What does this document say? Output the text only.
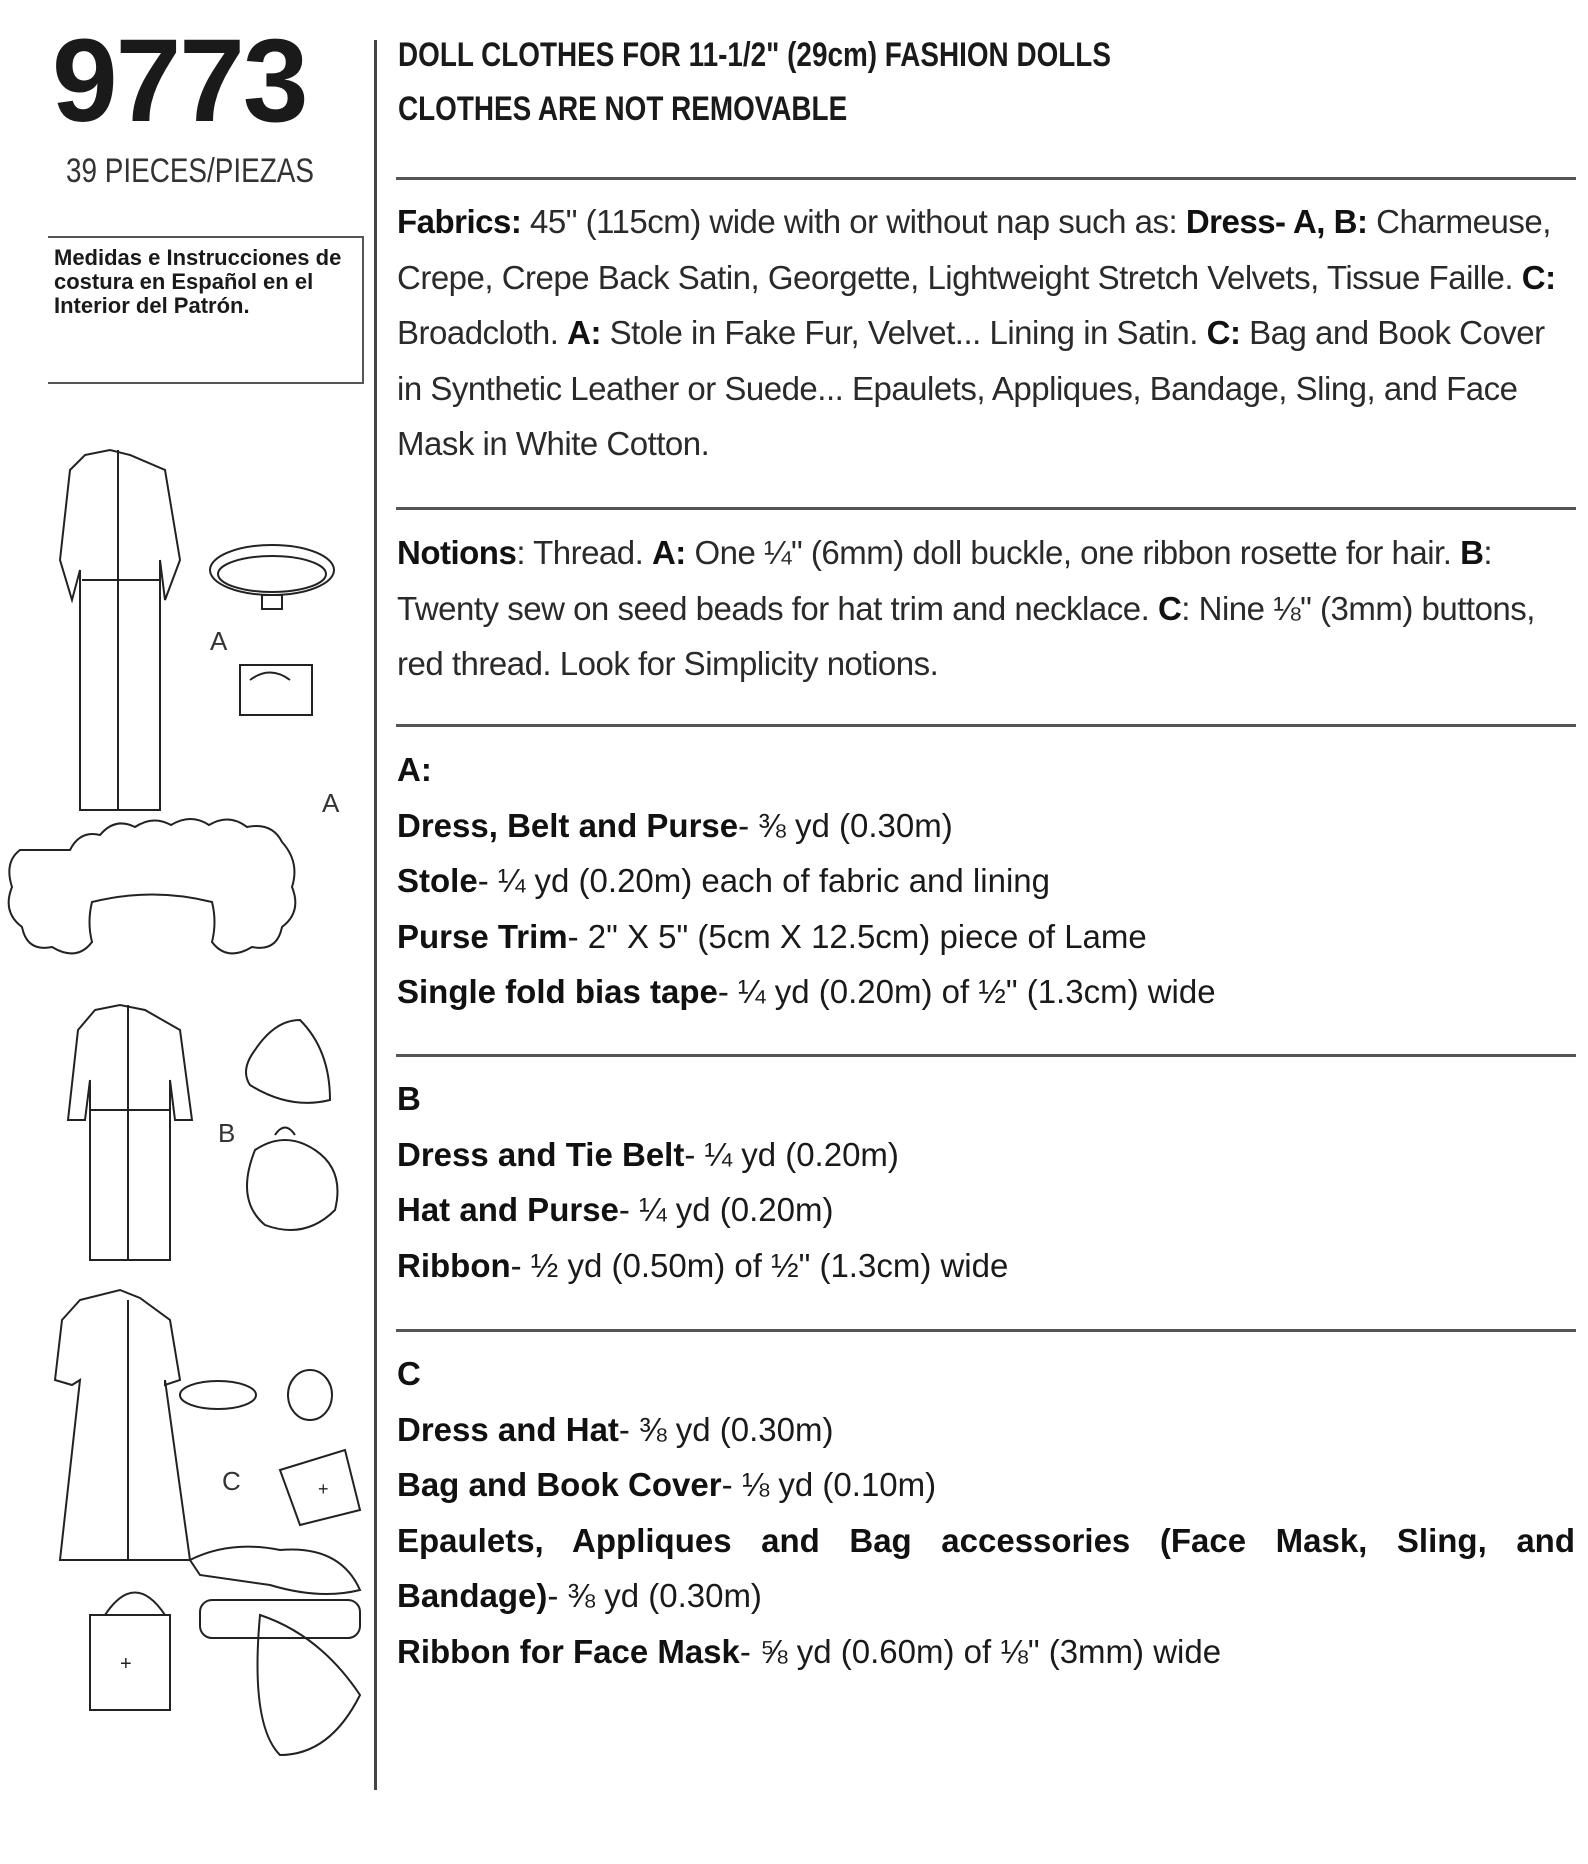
9773
39 PIECES/PIEZAS
Medidas e Instrucciones de costura en Español en el Interior del Patrón.
DOLL CLOTHES FOR 11-1/2" (29cm) FASHION DOLLS
CLOTHES ARE NOT REMOVABLE
Fabrics: 45" (115cm) wide with or without nap such as: Dress- A, B: Charmeuse, Crepe, Crepe Back Satin, Georgette, Lightweight Stretch Velvets, Tissue Faille. C: Broadcloth. A: Stole in Fake Fur, Velvet... Lining in Satin. C: Bag and Book Cover in Synthetic Leather or Suede... Epaulets, Appliques, Bandage, Sling, and Face Mask in White Cotton.
Notions: Thread. A: One ¼" (6mm) doll buckle, one ribbon rosette for hair. B: Twenty sew on seed beads for hat trim and necklace. C: Nine ⅛" (3mm) buttons, red thread. Look for Simplicity notions.
A:
Dress, Belt and Purse- ⅜ yd (0.30m)
Stole- ¼ yd (0.20m) each of fabric and lining
Purse Trim- 2" X 5" (5cm X 12.5cm) piece of Lame
Single fold bias tape- ¼ yd (0.20m) of ½" (1.3cm) wide
B
Dress and Tie Belt- ¼ yd (0.20m)
Hat and Purse- ¼ yd (0.20m)
Ribbon- ½ yd (0.50m) of ½" (1.3cm) wide
C
Dress and Hat- ⅜ yd (0.30m)
Bag and Book Cover- ⅛ yd (0.10m)
Epaulets, Appliques and Bag accessories (Face Mask, Sling, and Bandage)- ⅜ yd (0.30m)
Ribbon for Face Mask- ⅝ yd (0.60m) of ⅛" (3mm) wide
+
+
A
A
B
C
